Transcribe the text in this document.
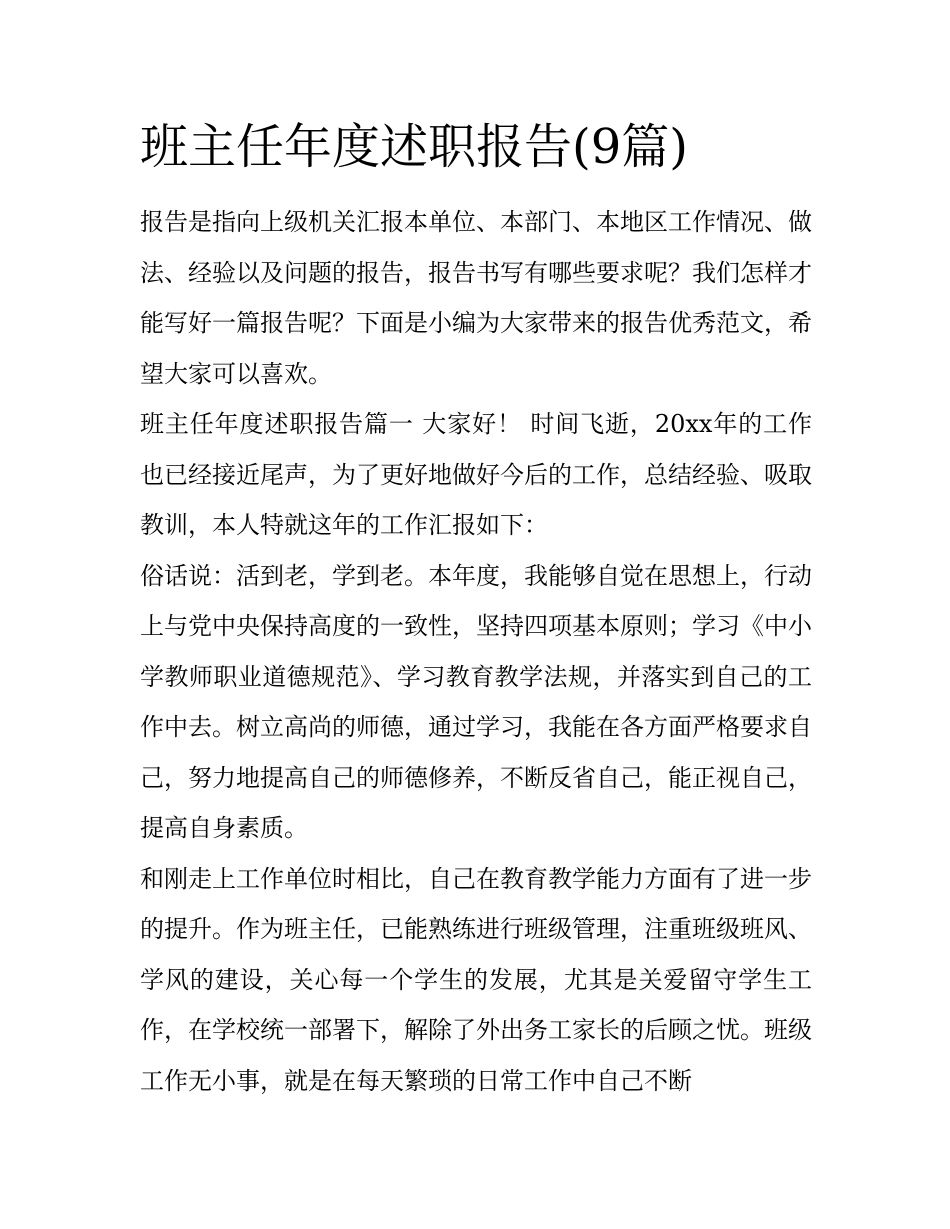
班主任年度述职报告(9篇)

报告是指向上级机关汇报本单位、本部门、本地区工作情况、做法、经验以及问题的报告，报告书写有哪些要求呢？我们怎样才能写好一篇报告呢？下面是小编为大家带来的报告优秀范文，希望大家可以喜欢。

班主任年度述职报告篇一 大家好！ 时间飞逝，20xx年的工作也已经接近尾声，为了更好地做好今后的工作，总结经验、吸取教训，本人特就这年的工作汇报如下：

俗话说：活到老，学到老。本年度，我能够自觉在思想上，行动上与党中央保持高度的一致性，坚持四项基本原则；学习《中小学教师职业道德规范》、学习教育教学法规，并落实到自己的工作中去。树立高尚的师德，通过学习，我能在各方面严格要求自己，努力地提高自己的师德修养，不断反省自己，能正视自己，提高自身素质。

和刚走上工作单位时相比，自己在教育教学能力方面有了进一步的提升。作为班主任，已能熟练进行班级管理，注重班级班风、学风的建设，关心每一个学生的发展，尤其是关爱留守学生工作，在学校统一部署下，解除了外出务工家长的后顾之忧。班级工作无小事，就是在每天繁琐的日常工作中自己不断
